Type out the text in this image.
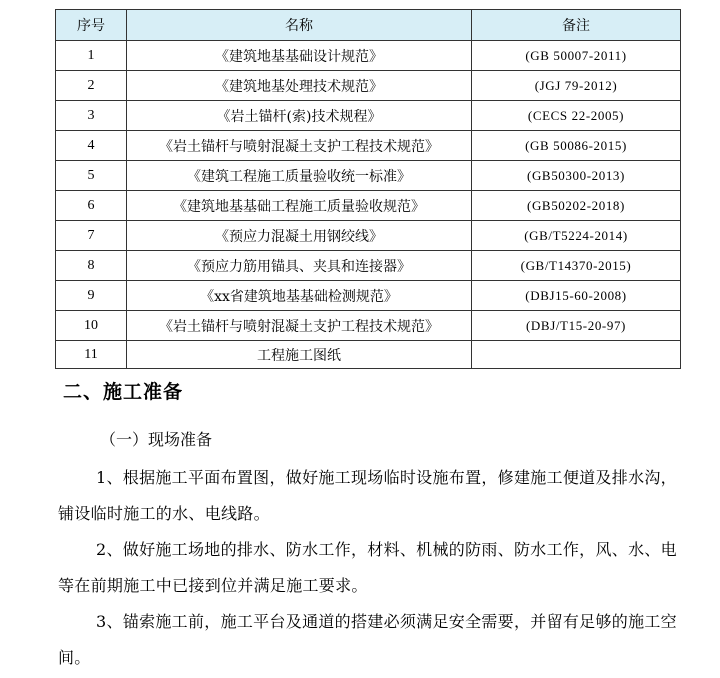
序号	名称	备注
1	《建筑地基基础设计规范》	(GB 50007-2011)
2	《建筑地基处理技术规范》	(JGJ 79-2012)
3	《岩土锚杆(索)技术规程》	(CECS 22-2005)
4	《岩土锚杆与喷射混凝土支护工程技术规范》	(GB 50086-2015)
5	《建筑工程施工质量验收统一标准》	(GB50300-2013)
6	《建筑地基基础工程施工质量验收规范》	(GB50202-2018)
7	《预应力混凝土用钢绞线》	(GB/T5224-2014)
8	《预应力筋用锚具、夹具和连接器》	(GB/T14370-2015)
9	《xx省建筑地基基础检测规范》	(DBJ15-60-2008)
10	《岩土锚杆与喷射混凝土支护工程技术规范》	(DBJ/T15-20-97)
11	工程施工图纸	
二、施工准备

（一）现场准备

1、根据施工平面布置图，做好施工现场临时设施布置，修建施工便道及排水沟，铺设临时施工的水、电线路。

2、做好施工场地的排水、防水工作，材料、机械的防雨、防水工作，风、水、电等在前期施工中已接到位并满足施工要求。

3、锚索施工前，施工平台及通道的搭建必须满足安全需要，并留有足够的施工空间。
